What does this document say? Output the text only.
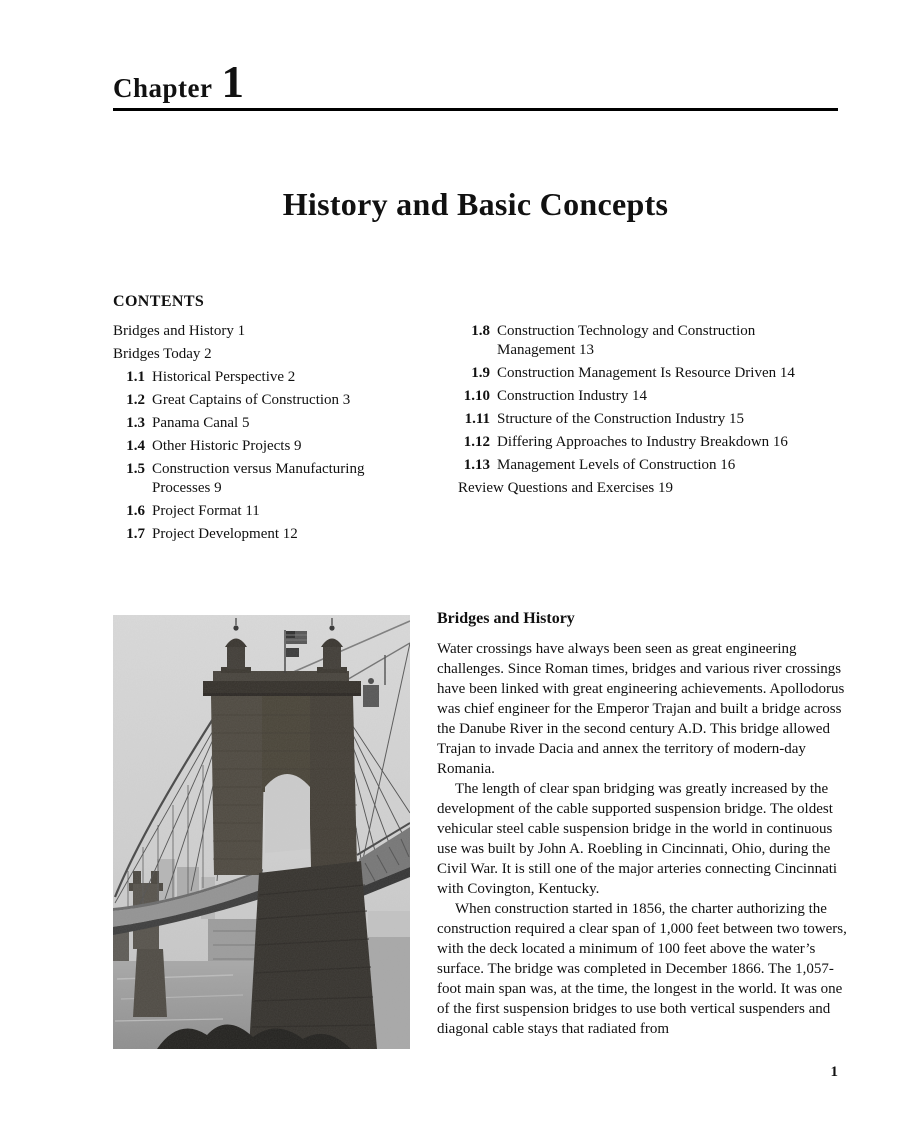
Chapter 1
History and Basic Concepts
CONTENTS
Bridges and History 1
Bridges Today 2
1.1 Historical Perspective 2
1.2 Great Captains of Construction 3
1.3 Panama Canal 5
1.4 Other Historic Projects 9
1.5 Construction versus Manufacturing Processes 9
1.6 Project Format 11
1.7 Project Development 12
1.8 Construction Technology and Construction Management 13
1.9 Construction Management Is Resource Driven 14
1.10 Construction Industry 14
1.11 Structure of the Construction Industry 15
1.12 Differing Approaches to Industry Breakdown 16
1.13 Management Levels of Construction 16
Review Questions and Exercises 19
Bridges and History

Water crossings have always been seen as great engineering challenges. Since Roman times, bridges and various river crossings have been linked with great engineering achievements. Apollodorus was chief engineer for the Emperor Trajan and built a bridge across the Danube River in the second century A.D. This bridge allowed Trajan to invade Dacia and annex the territory of modern-day Romania.

The length of clear span bridging was greatly increased by the development of the cable supported suspension bridge. The oldest vehicular steel cable suspension bridge in the world in continuous use was built by John A. Roebling in Cincinnati, Ohio, during the Civil War. It is still one of the major arteries connecting Cincinnati with Covington, Kentucky.

When construction started in 1856, the charter authorizing the construction required a clear span of 1,000 feet between two towers, with the deck located a minimum of 100 feet above the water’s surface. The bridge was completed in December 1866. The 1,057-foot main span was, at the time, the longest in the world. It was one of the first suspension bridges to use both vertical suspenders and diagonal cable stays that radiated from

1
